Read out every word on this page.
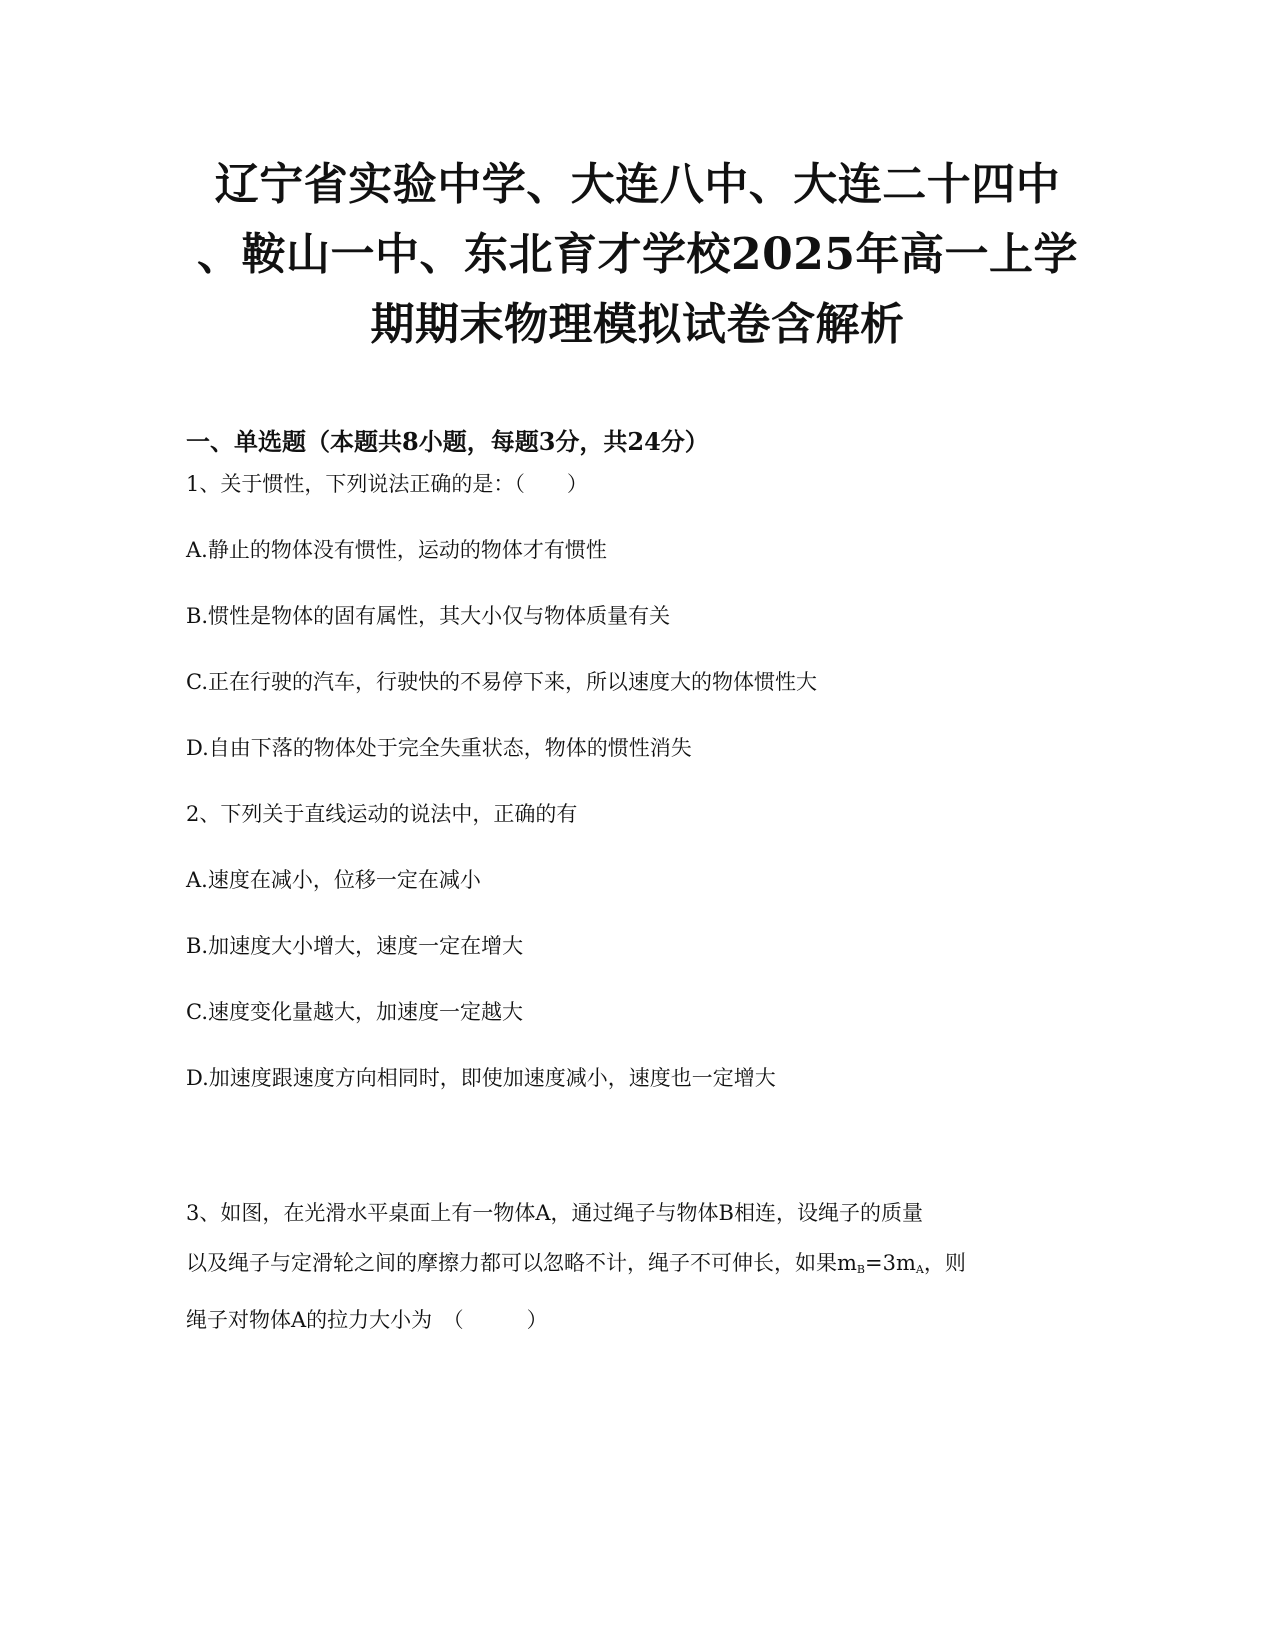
辽宁省实验中学、大连八中、大连二十四中
、鞍山一中、东北育才学校2025年高一上学
期期末物理模拟试卷含解析
一、单选题（本题共8小题，每题3分，共24分）
1、关于惯性，下列说法正确的是：（　　）
A.静止的物体没有惯性，运动的物体才有惯性
B.惯性是物体的固有属性，其大小仅与物体质量有关
C.正在行驶的汽车，行驶快的不易停下来，所以速度大的物体惯性大
D.自由下落的物体处于完全失重状态，物体的惯性消失
2、下列关于直线运动的说法中，正确的有
A.速度在减小，位移一定在减小
B.加速度大小增大，速度一定在增大
C.速度变化量越大，加速度一定越大
D.加速度跟速度方向相同时，即使加速度减小，速度也一定增大
3、如图，在光滑水平桌面上有一物体A，通过绳子与物体B相连，设绳子的质量
以及绳子与定滑轮之间的摩擦力都可以忽略不计，绳子不可伸长，如果$m_B=3m_A$，则
绳子对物体A的拉力大小为　（　　　）
